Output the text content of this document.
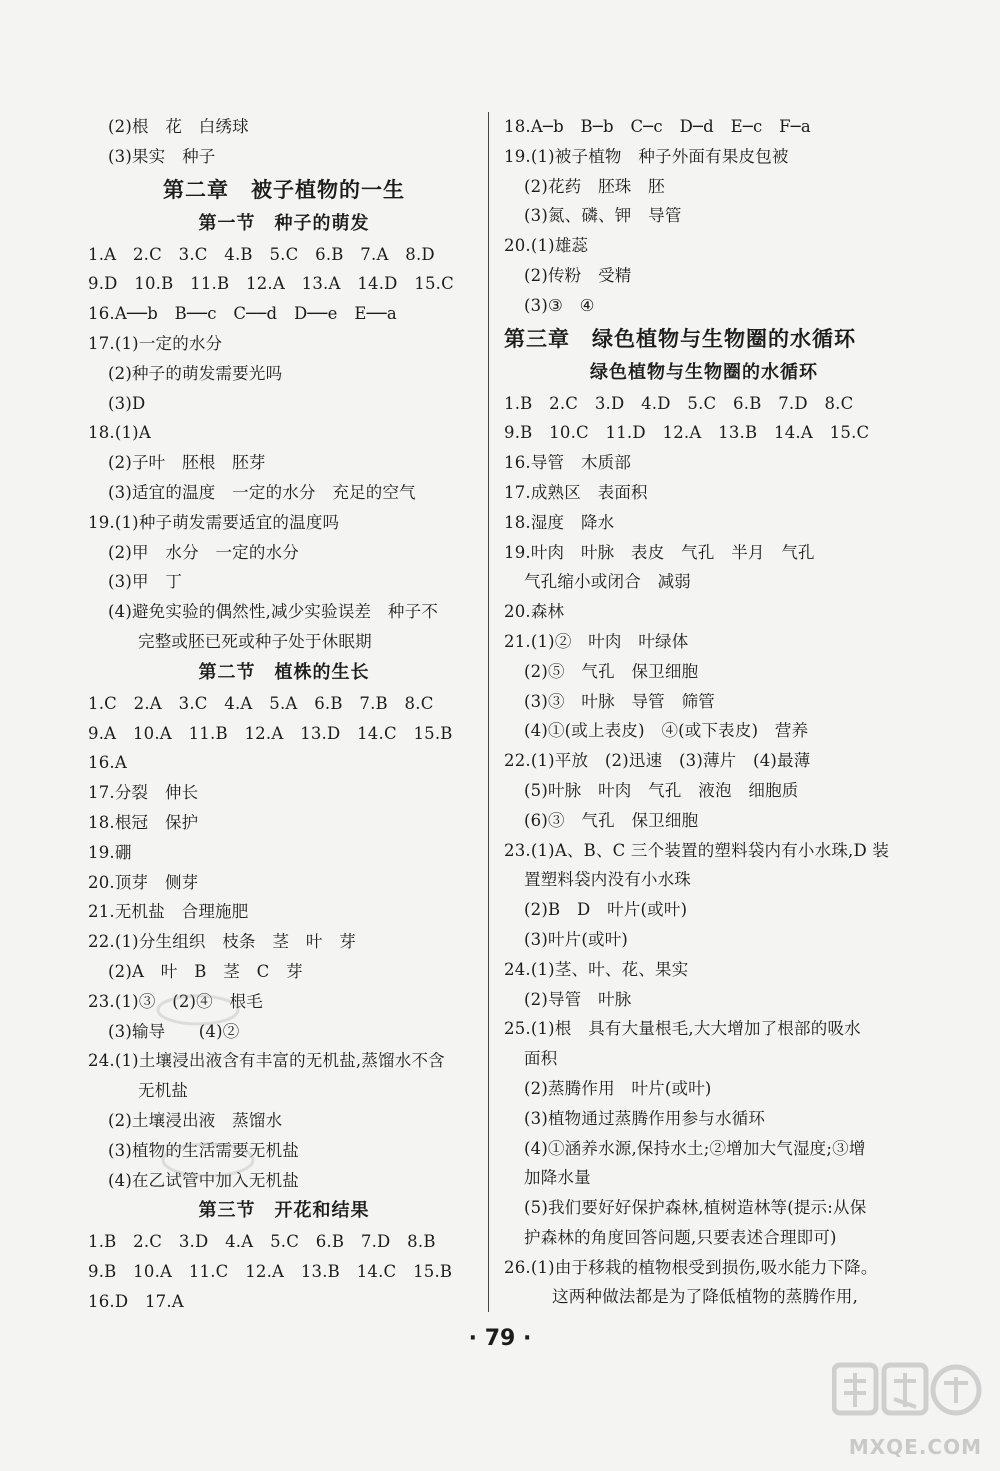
(2)根　花　白绣球
(3)果实　种子
第二章　被子植物的一生
第一节　种子的萌发
1.A　2.C　3.C　4.B　5.C　6.B　7.A　8.D
9.D　10.B　11.B　12.A　13.A　14.D　15.C
16.A──b　B──c　C──d　D──e　E──a
17.(1)一定的水分
(2)种子的萌发需要光吗
(3)D
18.(1)A
(2)子叶　胚根　胚芽
(3)适宜的温度　一定的水分　充足的空气
19.(1)种子萌发需要适宜的温度吗
(2)甲　水分　一定的水分
(3)甲　丁
(4)避免实验的偶然性,减少实验误差　种子不
完整或胚已死或种子处于休眠期
第二节　植株的生长
1.C　2.A　3.C　4.A　5.A　6.B　7.B　8.C
9.A　10.A　11.B　12.A　13.D　14.C　15.B
16.A
17.分裂　伸长
18.根冠　保护
19.硼
20.顶芽　侧芽
21.无机盐　合理施肥
22.(1)分生组织　枝条　茎　叶　芽
(2)A　叶　B　茎　C　芽
23.(1)③　(2)④　根毛
(3)输导　　(4)②
24.(1)土壤浸出液含有丰富的无机盐,蒸馏水不含
无机盐
(2)土壤浸出液　蒸馏水
(3)植物的生活需要无机盐
(4)在乙试管中加入无机盐
第三节　开花和结果
1.B　2.C　3.D　4.A　5.C　6.B　7.D　8.B
9.B　10.A　11.C　12.A　13.B　14.C　15.B
16.D　17.A
18.A─b　B─b　C─c　D─d　E─c　F─a
19.(1)被子植物　种子外面有果皮包被
(2)花药　胚珠　胚
(3)氮、磷、钾　导管
20.(1)雄蕊
(2)传粉　受精
(3)③　④
第三章　绿色植物与生物圈的水循环
绿色植物与生物圈的水循环
1.B　2.C　3.D　4.D　5.C　6.B　7.D　8.C
9.B　10.C　11.D　12.A　13.B　14.A　15.C
16.导管　木质部
17.成熟区　表面积
18.湿度　降水
19.叶肉　叶脉　表皮　气孔　半月　气孔
气孔缩小或闭合　减弱
20.森林
21.(1)②　叶肉　叶绿体
(2)⑤　气孔　保卫细胞
(3)③　叶脉　导管　筛管
(4)①(或上表皮)　④(或下表皮)　营养
22.(1)平放　(2)迅速　(3)薄片　(4)最薄
(5)叶脉　叶肉　气孔　液泡　细胞质
(6)③　气孔　保卫细胞
23.(1)A、B、C 三个装置的塑料袋内有小水珠,D 装
置塑料袋内没有小水珠
(2)B　D　叶片(或叶)
(3)叶片(或叶)
24.(1)茎、叶、花、果实
(2)导管　叶脉
25.(1)根　具有大量根毛,大大增加了根部的吸水
面积
(2)蒸腾作用　叶片(或叶)
(3)植物通过蒸腾作用参与水循环
(4)①涵养水源,保持水土;②增加大气湿度;③增
加降水量
(5)我们要好好保护森林,植树造林等(提示:从保
护森林的角度回答问题,只要表述合理即可)
26.(1)由于移栽的植物根受到损伤,吸水能力下降。
这两种做法都是为了降低植物的蒸腾作用,
· 79 ·
MXQE.COM
